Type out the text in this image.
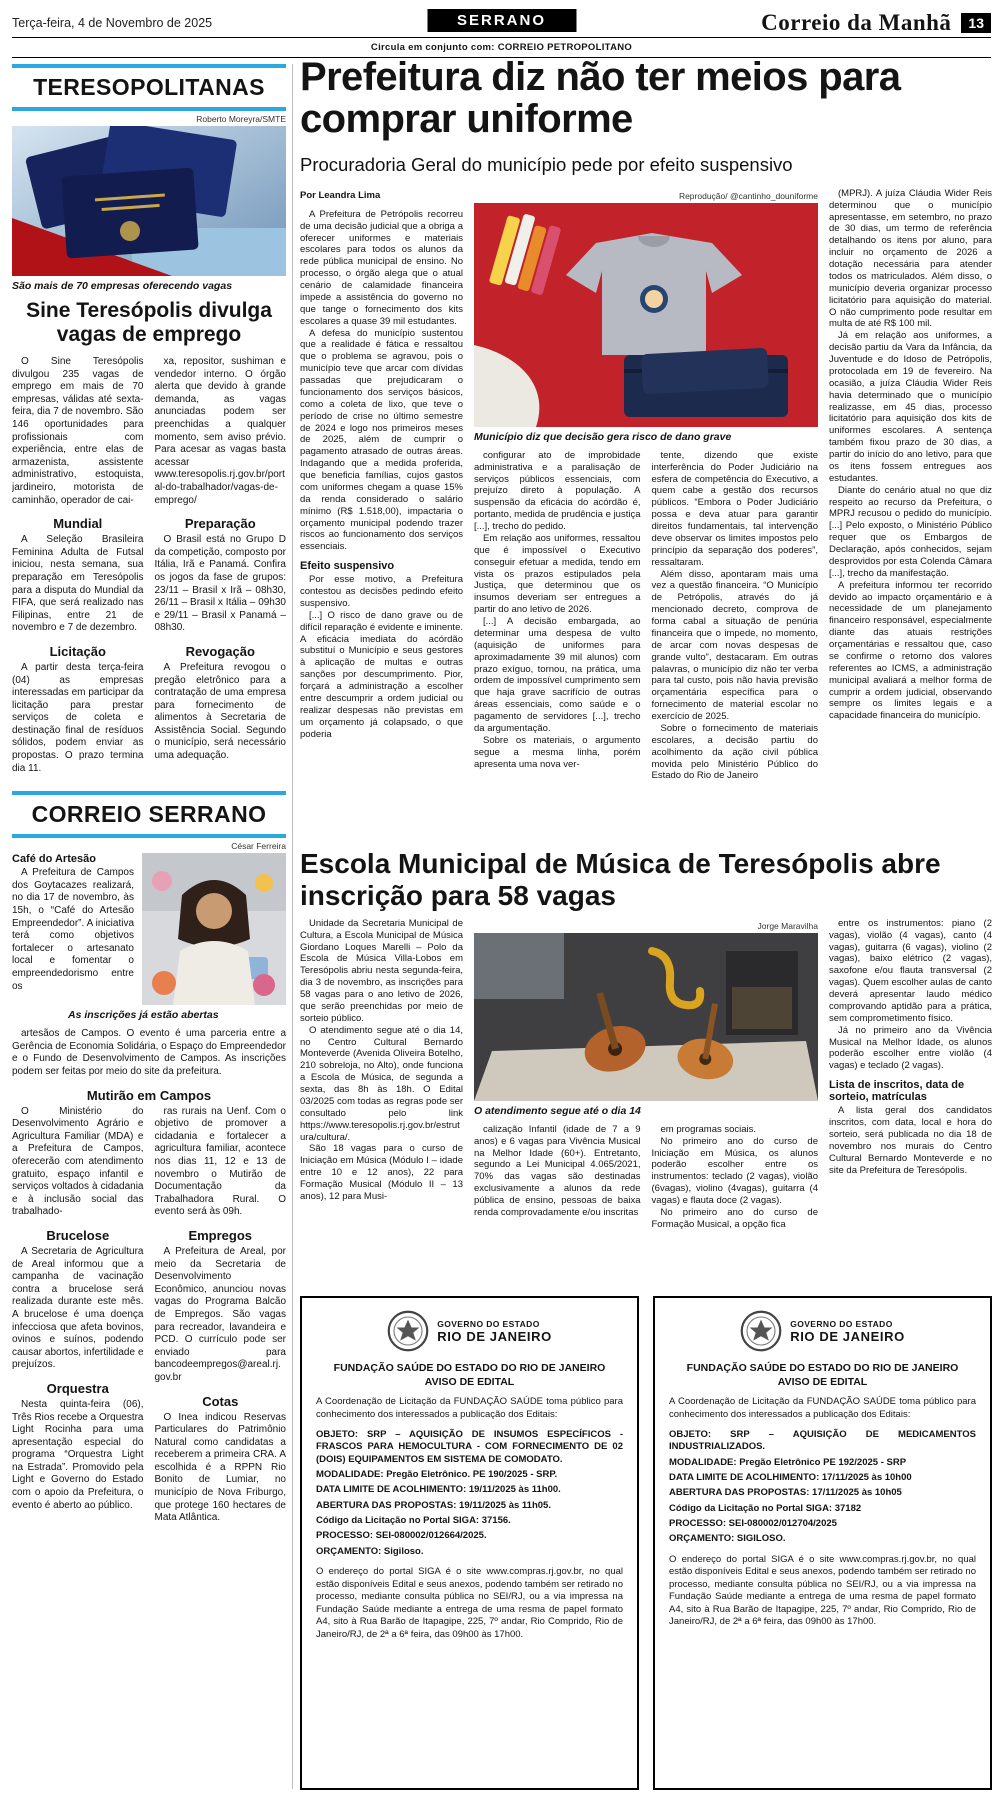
Terça-feira, 4 de Novembro de 2025	SERRANO	Correio da Manhã	13
Circula em conjunto com: CORREIO PETROPOLITANO
TERESOPOLITANAS
Roberto Moreyra/SMTE
São mais de 70 empresas oferecendo vagas
Sine Teresópolis divulga vagas de emprego

O Sine Teresópolis divulgou 235 vagas de emprego em mais de 70 empresas, válidas até sexta-feira, dia 7 de novembro. São 146 oportunidades para profissionais com experiência, entre elas de armazenista, assistente administrativo, estoquista, jardineiro, motorista de caminhão, operador de cai-

Mundial

A Seleção Brasileira Feminina Adulta de Futsal iniciou, nesta semana, sua preparação em Teresópolis para a disputa do Mundial da FIFA, que será realizado nas Filipinas, entre 21 de novembro e 7 de dezembro.

Licitação

A partir desta terça-feira (04) as empresas interessadas em participar da licitação para prestar serviços de coleta e destinação final de resíduos sólidos, podem enviar as propostas. O prazo termina dia 11.

xa, repositor, sushiman e vendedor interno. O órgão alerta que devido à grande demanda, as vagas anunciadas podem ser preenchidas a qualquer momento, sem aviso prévio. Para acesar as vagas basta acessar www.teresopolis.rj.gov.br/portal-do-trabalhador/vagas-de-emprego/

Preparação

O Brasil está no Grupo D da competição, composto por Itália, Irã e Panamá. Confira os jogos da fase de grupos: 23/11 – Brasil x Irã – 08h30, 26/11 – Brasil x Itália – 09h30 e 29/11 – Brasil x Panamá – 08h30.

Revogação

A Prefeitura revogou o pregão eletrônico para a contratação de uma empresa para fornecimento de alimentos à Secretaria de Assistência Social. Segundo o município, será necessário uma adequação.

CORREIO SERRANO
César Ferreira
Café do Artesão

A Prefeitura de Campos dos Goytacazes realizará, no dia 17 de novembro, às 15h, o “Café do Artesão Empreendedor”. A iniciativa terá como objetivos fortalecer o artesanato local e fomentar o empreendedorismo entre os

As inscrições já estão abertas

artesãos de Campos. O evento é uma parceria entre a Gerência de Economia Solidária, o Espaço do Empreendedor e o Fundo de Desenvolvimento de Campos. As inscrições podem ser feitas por meio do site da prefeitura.

Mutirão em Campos

O Ministério do Desenvolvimento Agrário e Agricultura Familiar (MDA) e a Prefeitura de Campos, oferecerão com atendimento gratuito, espaço infantil e serviços voltados à cidadania e à inclusão social das trabalhado-

Brucelose

A Secretaria de Agricultura de Areal informou que a campanha de vacinação contra a brucelose será realizada durante este mês. A brucelose é uma doença infecciosa que afeta bovinos, ovinos e suínos, podendo causar abortos, infertilidade e prejuízos.

Orquestra

Nesta quinta-feira (06), Três Rios recebe a Orquestra Light Rocinha para uma apresentação especial do programa “Orquestra Light na Estrada”. Promovido pela Light e Governo do Estado com o apoio da Prefeitura, o evento é aberto ao público.

ras rurais na Uenf. Com o objetivo de promover a cidadania e fortalecer a agricultura familiar, acontece nos dias 11, 12 e 13 de novembro o Mutirão de Documentação da Trabalhadora Rural. O evento será às 09h.

Empregos

A Prefeitura de Areal, por meio da Secretaria de Desenvolvimento Econômico, anunciou novas vagas do Programa Balcão de Empregos. São vagas para recreador, lavandeira e PCD. O currículo pode ser enviado para bancodeempregos@areal.rj.gov.br

Cotas

O Inea indicou Reservas Particulares do Patrimônio Natural como candidatas a receberem a primeira CRA. A escolhida é a RPPN Rio Bonito de Lumiar, no município de Nova Friburgo, que protege 160 hectares de Mata Atlântica.

Prefeitura diz não ter meios para comprar uniforme

Procuradoria Geral do município pede por efeito suspensivo

Por Leandra Lima

A Prefeitura de Petrópolis recorreu de uma decisão judicial que a obriga a oferecer uniformes e materiais escolares para todos os alunos da rede pública municipal de ensino. No processo, o órgão alega que o atual cenário de calamidade financeira impede a assistência do governo no que tange o fornecimento dos kits escolares a quase 39 mil estudantes.

A defesa do município sustentou que a realidade é fática e ressaltou que o problema se agravou, pois o município teve que arcar com dívidas passadas que prejudicaram o funcionamento dos serviços básicos, como a coleta de lixo, que teve o período de crise no último semestre de 2024 e logo nos primeiros meses de 2025, além de cumprir o pagamento atrasado de outras áreas. Indagando que a medida proferida, que beneficia famílias, cujos gastos com uniformes chegam a quase 15% da renda considerado o salário mínimo (R$ 1.518,00), impactaria o orçamento municipal podendo trazer riscos ao funcionamento dos serviços essenciais.

Efeito suspensivo

Por esse motivo, a Prefeitura contestou as decisões pedindo efeito suspensivo.

[...] O risco de dano grave ou de difícil reparação é evidente e iminente. A eficácia imediata do acórdão substituí o Município e seus gestores à aplicação de multas e outras sanções por descumprimento. Pior, forçará a administração a escolher entre descumprir a ordem judicial ou realizar despesas não previstas em um orçamento já colapsado, o que poderia

Reprodução/ @cantinho_douniforme
Município diz que decisão gera risco de dano grave

configurar ato de improbidade administrativa e a paralisação de serviços públicos essenciais, com prejuízo direto à população. A suspensão da eficácia do acórdão é, portanto, medida de prudência e justiça [...], trecho do pedido.

Em relação aos uniformes, ressaltou que é impossível o Executivo conseguir efetuar a medida, tendo em vista os prazos estipulados pela Justiça, que determinou que os insumos deveriam ser entregues a partir do ano letivo de 2026.

[...] A decisão embargada, ao determinar uma despesa de vulto (aquisição de uniformes para aproximadamente 39 mil alunos) com prazo exíguo, tornou, na prática, uma ordem de impossível cumprimento sem que haja grave sacrifício de outras áreas essenciais, como saúde e o pagamento de servidores [...], trecho da argumentação.

Sobre os materiais, o argumento segue a mesma linha, porém apresenta uma nova ver-

tente, dizendo que existe interferência do Poder Judiciário na esfera de competência do Executivo, a quem cabe a gestão dos recursos públicos. “Embora o Poder Judiciário possa e deva atuar para garantir direitos fundamentais, tal intervenção deve observar os limites impostos pelo princípio da separação dos poderes”, ressaltaram.

Além disso, apontaram mais uma vez a questão financeira. “O Município de Petrópolis, através do já mencionado decreto, comprova de forma cabal a situação de penúria financeira que o impede, no momento, de arcar com novas despesas de grande vulto”, destacaram. Em outras palavras, o município diz não ter verba para tal custo, pois não havia previsão orçamentária específica para o fornecimento de material escolar no exercício de 2025.

Sobre o fornecimento de materiais escolares, a decisão partiu do acolhimento da ação civil pública movida pelo Ministério Público do Estado do Rio de Janeiro

(MPRJ). A juíza Cláudia Wider Reis determinou que o município apresentasse, em setembro, no prazo de 30 dias, um termo de referência detalhando os itens por aluno, para incluir no orçamento de 2026 a dotação necessária para atender todos os matriculados. Além disso, o município deveria organizar processo licitatório para aquisição do material. O não cumprimento pode resultar em multa de até R$ 100 mil.

Já em relação aos uniformes, a decisão partiu da Vara da Infância, da Juventude e do Idoso de Petrópolis, protocolada em 19 de fevereiro. Na ocasião, a juíza Cláudia Wider Reis havia determinado que o município realizasse, em 45 dias, processo licitatório para aquisição dos kits de uniformes escolares. A sentença também fixou prazo de 30 dias, a partir do início do ano letivo, para que os itens fossem entregues aos estudantes.

Diante do cenário atual no que diz respeito ao recurso da Prefeitura, o MPRJ recusou o pedido do município. [...] Pelo exposto, o Ministério Público requer que os Embargos de Declaração, após conhecidos, sejam desprovidos por esta Colenda Câmara [...], trecho da manifestação.

A prefeitura informou ter recorrido devido ao impacto orçamentário e à necessidade de um planejamento financeiro responsável, especialmente diante das atuais restrições orçamentárias e ressaltou que, caso se confirme o retorno dos valores referentes ao ICMS, a administração municipal avaliará a melhor forma de cumprir a ordem judicial, observando sempre os limites legais e a capacidade financeira do município.

Escola Municipal de Música de Teresópolis abre inscrição para 58 vagas

Unidade da Secretaria Municipal de Cultura, a Escola Municipal de Música Giordano Loques Marelli – Polo da Escola de Música Villa-Lobos em Teresópolis abriu nesta segunda-feira, dia 3 de novembro, as inscrições para 58 vagas para o ano letivo de 2026, que serão preenchidas por meio de sorteio público.

O atendimento segue até o dia 14, no Centro Cultural Bernardo Monteverde (Avenida Oliveira Botelho, 210 sobreloja, no Alto), onde funciona a Escola de Música, de segunda a sexta, das 8h às 18h. O Edital 03/2025 com todas as regras pode ser consultado pelo link https://www.teresopolis.rj.gov.br/estrutura/cultura/.

São 18 vagas para o curso de Iniciação em Música (Módulo I – idade entre 10 e 12 anos), 22 para Formação Musical (Módulo II – 13 anos), 12 para Musi-

Jorge Maravilha
O atendimento segue até o dia 14

calização Infantil (idade de 7 a 9 anos) e 6 vagas para Vivência Musical na Melhor Idade (60+). Entretanto, segundo a Lei Municipal 4.065/2021, 70% das vagas são destinadas exclusivamente a alunos da rede pública de ensino, pessoas de baixa renda comprovadamente e/ou inscritas

em programas sociais.

No primeiro ano do curso de Iniciação em Música, os alunos poderão escolher entre os instrumentos: teclado (2 vagas), violão (6vagas), violino (4vagas), guitarra (4 vagas) e flauta doce (2 vagas).

No primeiro ano do curso de Formação Musical, a opção fica

entre os instrumentos: piano (2 vagas), violão (4 vagas), canto (4 vagas), guitarra (6 vagas), violino (2 vagas), baixo elétrico (2 vagas), saxofone e/ou flauta transversal (2 vagas). Quem escolher aulas de canto deverá apresentar laudo médico comprovando aptidão para a prática, sem comprometimento físico.

Já no primeiro ano da Vivência Musical na Melhor Idade, os alunos poderão escolher entre violão (4 vagas) e teclado (2 vagas).

Lista de inscritos, data de sorteio, matrículas

A lista geral dos candidatos inscritos, com data, local e hora do sorteio, será publicada no dia 18 de novembro nos murais do Centro Cultural Bernardo Monteverde e no site da Prefeitura de Teresópolis.

GOVERNO DO ESTADO
RIO DE JANEIRO
FUNDAÇÃO SAÚDE DO ESTADO DO RIO DE JANEIRO
AVISO DE EDITAL

A Coordenação de Licitação da FUNDAÇÃO SAÚDE toma público para conhecimento dos interessados a publicação dos Editais:

OBJETO: SRP – AQUISIÇÃO DE INSUMOS ESPECÍFICOS - FRASCOS PARA HEMOCULTURA - COM FORNECIMENTO DE 02 (DOIS) EQUIPAMENTOS EM SISTEMA DE COMODATO.

MODALIDADE: Pregão Eletrônico. PE 190/2025 - SRP.

DATA LIMITE DE ACOLHIMENTO: 19/11/2025 às 11h00.

ABERTURA DAS PROPOSTAS: 19/11/2025 às 11h05.

Código da Licitação no Portal SIGA: 37156.

PROCESSO: SEI-080002/012664/2025.

ORÇAMENTO: Sigiloso.

O endereço do portal SIGA é o site www.compras.rj.gov.br, no qual estão disponíveis Edital e seus anexos, podendo também ser retirado no processo, mediante consulta pública no SEI/RJ, ou a via impressa na Fundação Saúde mediante a entrega de uma resma de papel formato A4, sito à Rua Barão de Itapagipe, 225, 7º andar, Rio Comprido, Rio de Janeiro/RJ, de 2ª a 6ª feira, das 09h00 às 17h00.

GOVERNO DO ESTADO
RIO DE JANEIRO
FUNDAÇÃO SAÚDE DO ESTADO DO RIO DE JANEIRO
AVISO DE EDITAL

A Coordenação de Licitação da FUNDAÇÃO SAÚDE toma público para conhecimento dos interessados a publicação dos Editais:

OBJETO: SRP – AQUISIÇÃO DE MEDICAMENTOS INDUSTRIALIZADOS.

MODALIDADE: Pregão Eletrônico PE 192/2025 - SRP

DATA LIMITE DE ACOLHIMENTO: 17/11/2025 às 10h00

ABERTURA DAS PROPOSTAS: 17/11/2025 às 10h05

Código da Licitação no Portal SIGA: 37182

PROCESSO: SEI-080002/012704/2025

ORÇAMENTO: SIGILOSO.

O endereço do portal SIGA é o site www.compras.rj.gov.br, no qual estão disponíveis Edital e seus anexos, podendo também ser retirado no processo, mediante consulta pública no SEI/RJ, ou a via impressa na Fundação Saúde mediante a entrega de uma resma de papel formato A4, sito à Rua Barão de Itapagipe, 225, 7º andar, Rio Comprido, Rio de Janeiro/RJ, de 2ª a 6ª feira, das 09h00 às 17h00.
